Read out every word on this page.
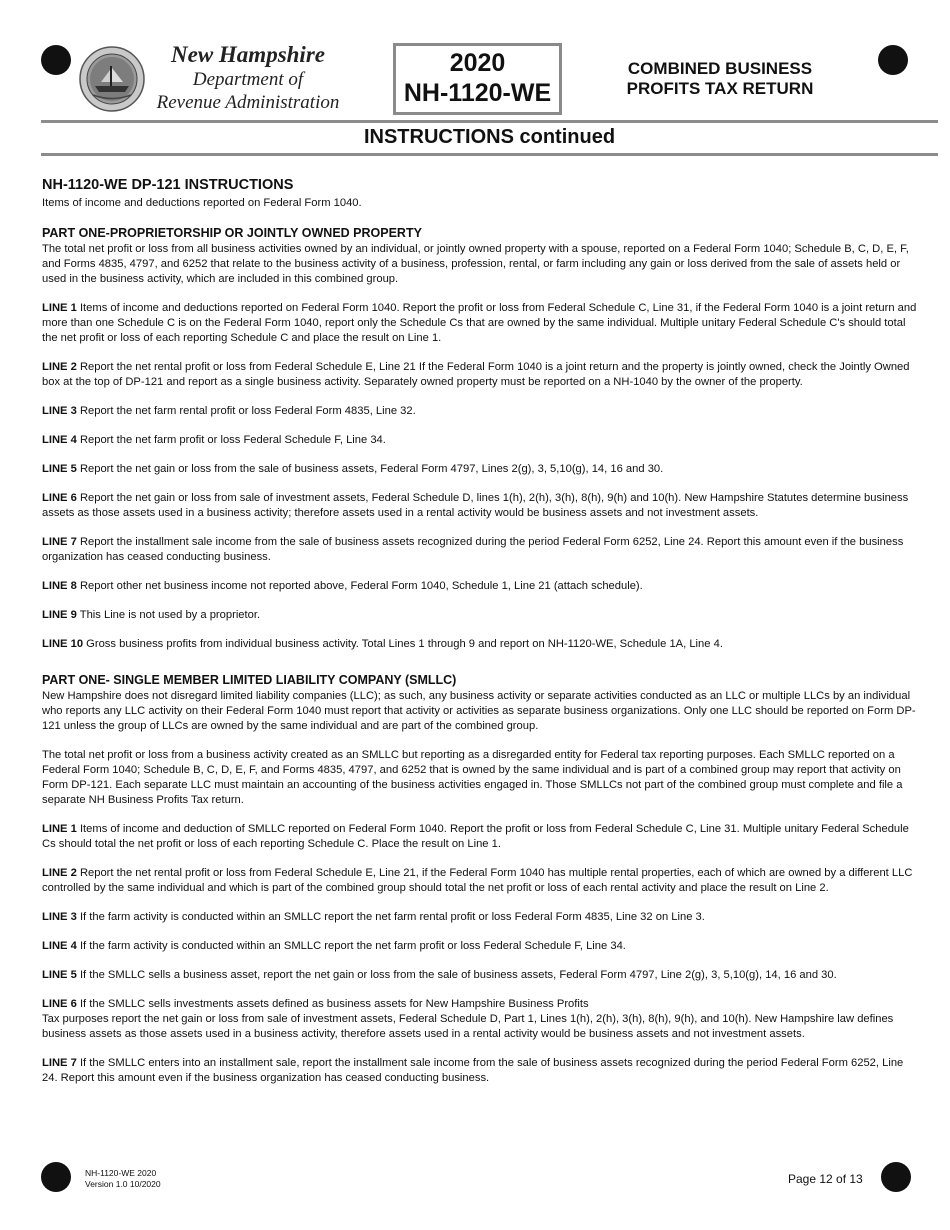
New Hampshire
Department of
Revenue Administration
2020
NH-1120-WE
COMBINED BUSINESS
PROFITS TAX RETURN
INSTRUCTIONS continued
NH-1120-WE DP-121 INSTRUCTIONS

Items of income and deductions reported on Federal Form 1040.

PART ONE-PROPRIETORSHIP OR JOINTLY OWNED PROPERTY

The total net profit or loss from all business activities owned by an individual, or jointly owned property with a spouse, reported on a Federal Form 1040; Schedule B, C, D, E, F, and Forms 4835, 4797, and 6252 that relate to the business activity of a business, profession, rental, or farm including any gain or loss derived from the sale of assets held or used in the business activity, which are included in this combined group.

LINE 1 Items of income and deductions reported on Federal Form 1040. Report the profit or loss from Federal Schedule C, Line 31, if the Federal Form 1040 is a joint return and more than one Schedule C is on the Federal Form 1040, report only the Schedule Cs that are owned by the same individual. Multiple unitary Federal Schedule C's should total the net profit or loss of each reporting Schedule C and place the result on Line 1.

LINE 2 Report the net rental profit or loss from Federal Schedule E, Line 21 If the Federal Form 1040 is a joint return and the property is jointly owned, check the Jointly Owned box at the top of DP-121 and report as a single business activity. Separately owned property must be reported on a NH-1040 by the owner of the property.

LINE 3 Report the net farm rental profit or loss Federal Form 4835, Line 32.

LINE 4 Report the net farm profit or loss Federal Schedule F, Line 34.

LINE 5 Report the net gain or loss from the sale of business assets, Federal Form 4797, Lines 2(g), 3, 5,10(g), 14, 16 and 30.

LINE 6 Report the net gain or loss from sale of investment assets, Federal Schedule D, lines 1(h), 2(h), 3(h), 8(h), 9(h) and 10(h). New Hampshire Statutes determine business assets as those assets used in a business activity; therefore assets used in a rental activity would be business assets and not investment assets.

LINE 7 Report the installment sale income from the sale of business assets recognized during the period Federal Form 6252, Line 24. Report this amount even if the business organization has ceased conducting business.

LINE 8 Report other net business income not reported above, Federal Form 1040, Schedule 1, Line 21 (attach schedule).

LINE 9 This Line is not used by a proprietor.

LINE 10 Gross business profits from individual business activity. Total Lines 1 through 9 and report on NH-1120-WE, Schedule 1A, Line 4.

PART ONE- SINGLE MEMBER LIMITED LIABILITY COMPANY (SMLLC)

New Hampshire does not disregard limited liability companies (LLC); as such, any business activity or separate activities conducted as an LLC or multiple LLCs by an individual who reports any LLC activity on their Federal Form 1040 must report that activity or activities as separate business organizations. Only one LLC should be reported on Form DP-121 unless the group of LLCs are owned by the same individual and are part of the combined group.

The total net profit or loss from a business activity created as an SMLLC but reporting as a disregarded entity for Federal tax reporting purposes. Each SMLLC reported on a Federal Form 1040; Schedule B, C, D, E, F, and Forms 4835, 4797, and 6252 that is owned by the same individual and is part of a combined group may report that activity on Form DP-121. Each separate LLC must maintain an accounting of the business activities engaged in. Those SMLLCs not part of the combined group must complete and file a separate NH Business Profits Tax return.

LINE 1 Items of income and deduction of SMLLC reported on Federal Form 1040. Report the profit or loss from Federal Schedule C, Line 31. Multiple unitary Federal Schedule Cs should total the net profit or loss of each reporting Schedule C. Place the result on Line 1.

LINE 2 Report the net rental profit or loss from Federal Schedule E, Line 21, if the Federal Form 1040 has multiple rental properties, each of which are owned by a different LLC controlled by the same individual and which is part of the combined group should total the net profit or loss of each rental activity and place the result on Line 2.

LINE 3 If the farm activity is conducted within an SMLLC report the net farm rental profit or loss Federal Form 4835, Line 32 on Line 3.

LINE 4 If the farm activity is conducted within an SMLLC report the net farm profit or loss Federal Schedule F, Line 34.

LINE 5 If the SMLLC sells a business asset, report the net gain or loss from the sale of business assets, Federal Form 4797, Line 2(g), 3, 5,10(g), 14, 16 and 30.

LINE 6 If the SMLLC sells investments assets defined as business assets for New Hampshire Business Profits

Tax purposes report the net gain or loss from sale of investment assets, Federal Schedule D, Part 1, Lines 1(h), 2(h), 3(h), 8(h), 9(h), and 10(h). New Hampshire law defines business assets as those assets used in a business activity, therefore assets used in a rental activity would be business assets and not investment assets.

LINE 7 If the SMLLC enters into an installment sale, report the installment sale income from the sale of business assets recognized during the period Federal Form 6252, Line 24. Report this amount even if the business organization has ceased conducting business.

NH-1120-WE 2020
Version 1.0 10/2020	Page 12 of 13
